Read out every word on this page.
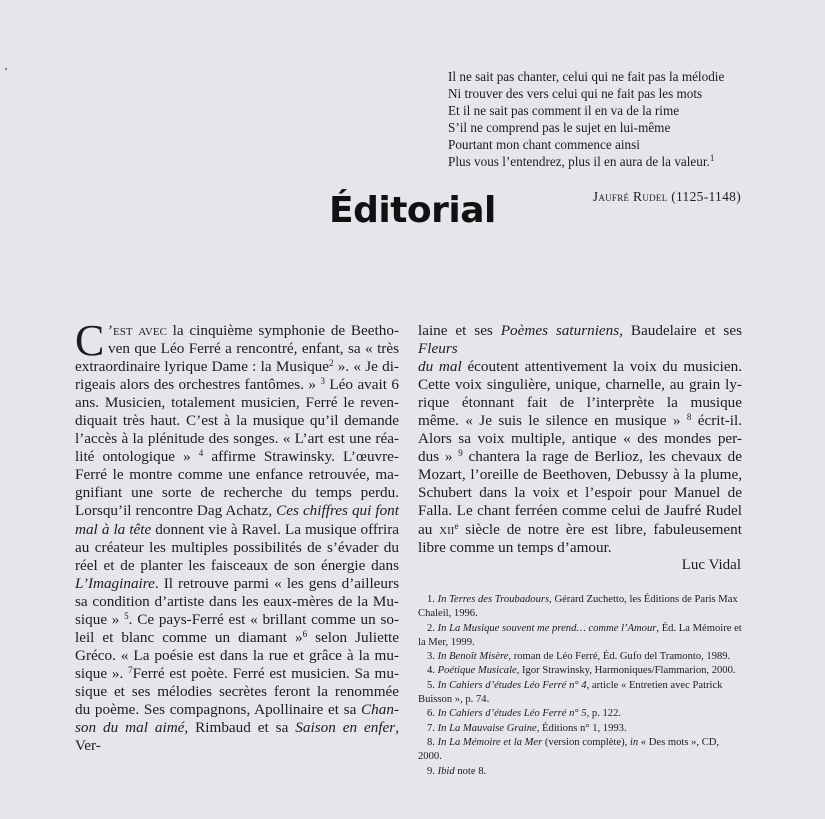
Il ne sait pas chanter, celui qui ne fait pas la mélodie
Ni trouver des vers celui qui ne fait pas les mots
Et il ne sait pas comment il en va de la rime
S’il ne comprend pas le sujet en lui-même
Pourtant mon chant commence ainsi
Plus vous l’entendrez, plus il en aura de la valeur.$^1$
Jaufré Rudel (1125-1148)
Éditorial
C ’est avec la cinquième symphonie de Beetho-
ven que Léo Ferré a rencontré, enfant, sa « très
extraordinaire lyrique Dame : la Musique$^2$ ». « Je di-
rigeais alors des orchestres fantômes. » $^3$ Léo avait 6
ans. Musicien, totalement musicien, Ferré le reven-
diquait très haut. C’est à la musique qu’il demande
l’accès à la plénitude des songes. « L’art est une réa-
lité ontologique » $^4$ affirme Strawinsky. L’œuvre-
Ferré le montre comme une enfance retrouvée, ma-
gnifiant une sorte de recherche du temps perdu.
Lorsqu’il rencontre Dag Achatz, Ces chiffres qui font
mal à la tête donnent vie à Ravel. La musique offrira
au créateur les multiples possibilités de s’évader du
réel et de planter les faisceaux de son énergie dans
L’Imaginaire. Il retrouve parmi « les gens d’ailleurs
sa condition d’artiste dans les eaux-mères de la Mu-
sique » $^5$. Ce pays-Ferré est « brillant comme un so-
leil et blanc comme un diamant »$^6$ selon Juliette
Gréco. « La poésie est dans la rue et grâce à la mu-
sique ». $^7$Ferré est poète. Ferré est musicien. Sa mu-
sique et ses mélodies secrètes feront la renommée
du poème. Ses compagnons, Apollinaire et sa Chan-
son du mal aimé, Rimbaud et sa Saison en enfer, Ver-
laine et ses Poèmes saturniens, Baudelaire et ses Fleurs
du mal écoutent attentivement la voix du musicien.
Cette voix singulière, unique, charnelle, au grain ly-
rique étonnant fait de l’interprète la musique
même. « Je suis le silence en musique » $^8$ écrit-il.
Alors sa voix multiple, antique « des mondes per-
dus » $^9$ chantera la rage de Berlioz, les chevaux de
Mozart, l’oreille de Beethoven, Debussy à la plume,
Schubert dans la voix et l’espoir pour Manuel de
Falla. Le chant ferréen comme celui de Jaufré Rudel
au xii$^e$ siècle de notre ère est libre, fabuleusement
libre comme un temps d’amour.
Luc Vidal
1. In Terres des Troubadours, Gérard Zuchetto, les Éditions de Paris Max Chaleil, 1996.
2. In La Musique souvent me prend… comme l’Amour, Éd. La Mémoire et la Mer, 1999.
3. In Benoît Misère, roman de Léo Ferré, Éd. Gufo del Tramonto, 1989.
4. Poétique Musicale, Igor Strawinsky, Harmoniques/Flammarion, 2000.
5. In Cahiers d’études Léo Ferré n° 4, article « Entretien avec Patrick Buisson », p. 74.
6. In Cahiers d’études Léo Ferré n° 5, p. 122.
7. In La Mauvaise Graine, Éditions n° 1, 1993.
8. In La Mémoire et la Mer (version complète), in « Des mots », CD, 2000.
9. Ibid note 8.
